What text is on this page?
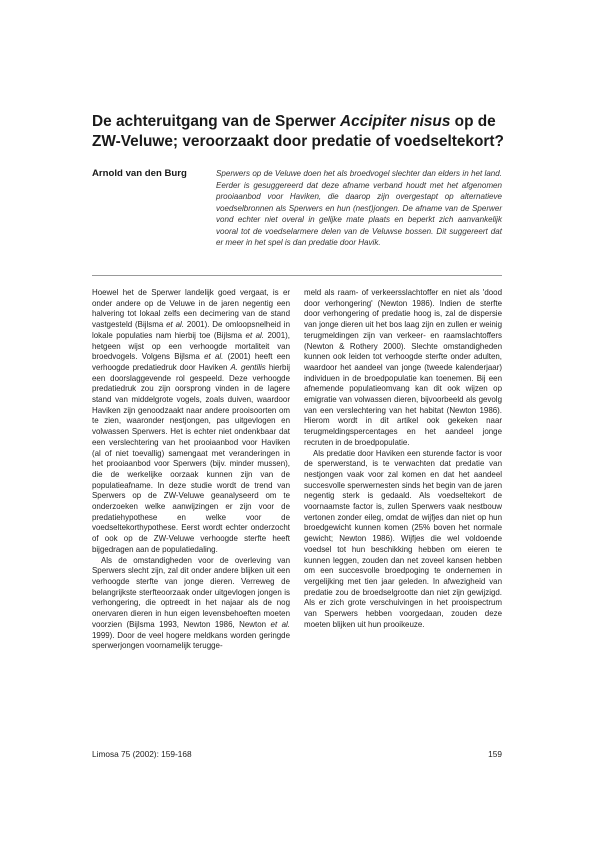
De achteruitgang van de Sperwer Accipiter nisus op de ZW-Veluwe; veroorzaakt door predatie of voedseltekort?

Arnold van den Burg	Sperwers op de Veluwe doen het als broedvogel slechter dan elders in het land. Eerder is gesuggereerd dat deze afname verband houdt met het afgenomen prooiaanbod voor Haviken, die daarop zijn overgestapt op alternatieve voedselbronnen als Sperwers en hun (nest)jongen. De afname van de Sperwer vond echter niet overal in gelijke mate plaats en beperkt zich aanvankelijk vooral tot de voedselarmere delen van de Veluwse bossen. Dit suggereert dat er meer in het spel is dan predatie door Havik.

Hoewel het de Sperwer landelijk goed vergaat, is er onder andere op de Veluwe in de jaren negentig een halvering tot lokaal zelfs een decimering van de stand vastgesteld (Bijlsma et al. 2001). De omloopsnelheid in lokale populaties nam hierbij toe (Bijlsma et al. 2001), hetgeen wijst op een verhoogde mortaliteit van broedvogels. Volgens Bijlsma et al. (2001) heeft een verhoogde predatiedruk door Haviken A. gentilis hierbij een doorslaggevende rol gespeeld. Deze verhoogde predatiedruk zou zijn oorsprong vinden in de lagere stand van middelgrote vogels, zoals duiven, waardoor Haviken zijn genoodzaakt naar andere prooisoorten om te zien, waaronder nestjongen, pas uitgevlogen en volwassen Sperwers. Het is echter niet ondenkbaar dat een verslechtering van het prooiaanbod voor Haviken (al of niet toevallig) samengaat met veranderingen in het prooiaanbod voor Sperwers (bijv. minder mussen), die de werkelijke oorzaak kunnen zijn van de populatieafname. In deze studie wordt de trend van Sperwers op de ZW-Veluwe geanalyseerd om te onderzoeken welke aanwijzingen er zijn voor de predatiehypothese en welke voor de voedseltekorthypothese. Eerst wordt echter onderzocht of ook op de ZW-Veluwe verhoogde sterfte heeft bijgedragen aan de populatiedaling.

Als de omstandigheden voor de overleving van Sperwers slecht zijn, zal dit onder andere blijken uit een verhoogde sterfte van jonge dieren. Verreweg de belangrijkste sterfteoorzaak onder uitgevlogen jongen is verhongering, die optreedt in het najaar als de nog onervaren dieren in hun eigen levensbehoeften moeten voorzien (Bijlsma 1993, Newton 1986, Newton et al. 1999). Door de veel hogere meldkans worden geringde sperwerjongen voornamelijk terugge-

meld als raam- of verkeersslachtoffer en niet als 'dood door verhongering' (Newton 1986). Indien de sterfte door verhongering of predatie hoog is, zal de dispersie van jonge dieren uit het bos laag zijn en zullen er weinig terugmeldingen zijn van verkeer- en raamslachtoffers (Newton & Rothery 2000). Slechte omstandigheden kunnen ook leiden tot verhoogde sterfte onder adulten, waardoor het aandeel van jonge (tweede kalenderjaar) individuen in de broedpopulatie kan toenemen. Bij een afnemende populatieomvang kan dit ook wijzen op emigratie van volwassen dieren, bijvoorbeeld als gevolg van een verslechtering van het habitat (Newton 1986). Hierom wordt in dit artikel ook gekeken naar terugmeldingspercentages en het aandeel jonge recruten in de broedpopulatie.

Als predatie door Haviken een sturende factor is voor de sperwerstand, is te verwachten dat predatie van nestjongen vaak voor zal komen en dat het aandeel succesvolle sperwernesten sinds het begin van de jaren negentig sterk is gedaald. Als voedseltekort de voornaamste factor is, zullen Sperwers vaak nestbouw vertonen zonder eileg, omdat de wijfjes dan niet op hun broedgewicht kunnen komen (25% boven het normale gewicht; Newton 1986). Wijfjes die wel voldoende voedsel tot hun beschikking hebben om eieren te kunnen leggen, zouden dan net zoveel kansen hebben om een succesvolle broedpoging te ondernemen in vergelijking met tien jaar geleden. In afwezigheid van predatie zou de broedselgrootte dan niet zijn gewijzigd. Als er zich grote verschuivingen in het prooispectrum van Sperwers hebben voorgedaan, zouden deze moeten blijken uit hun prooikeuze.

Limosa 75 (2002): 159-168	159
